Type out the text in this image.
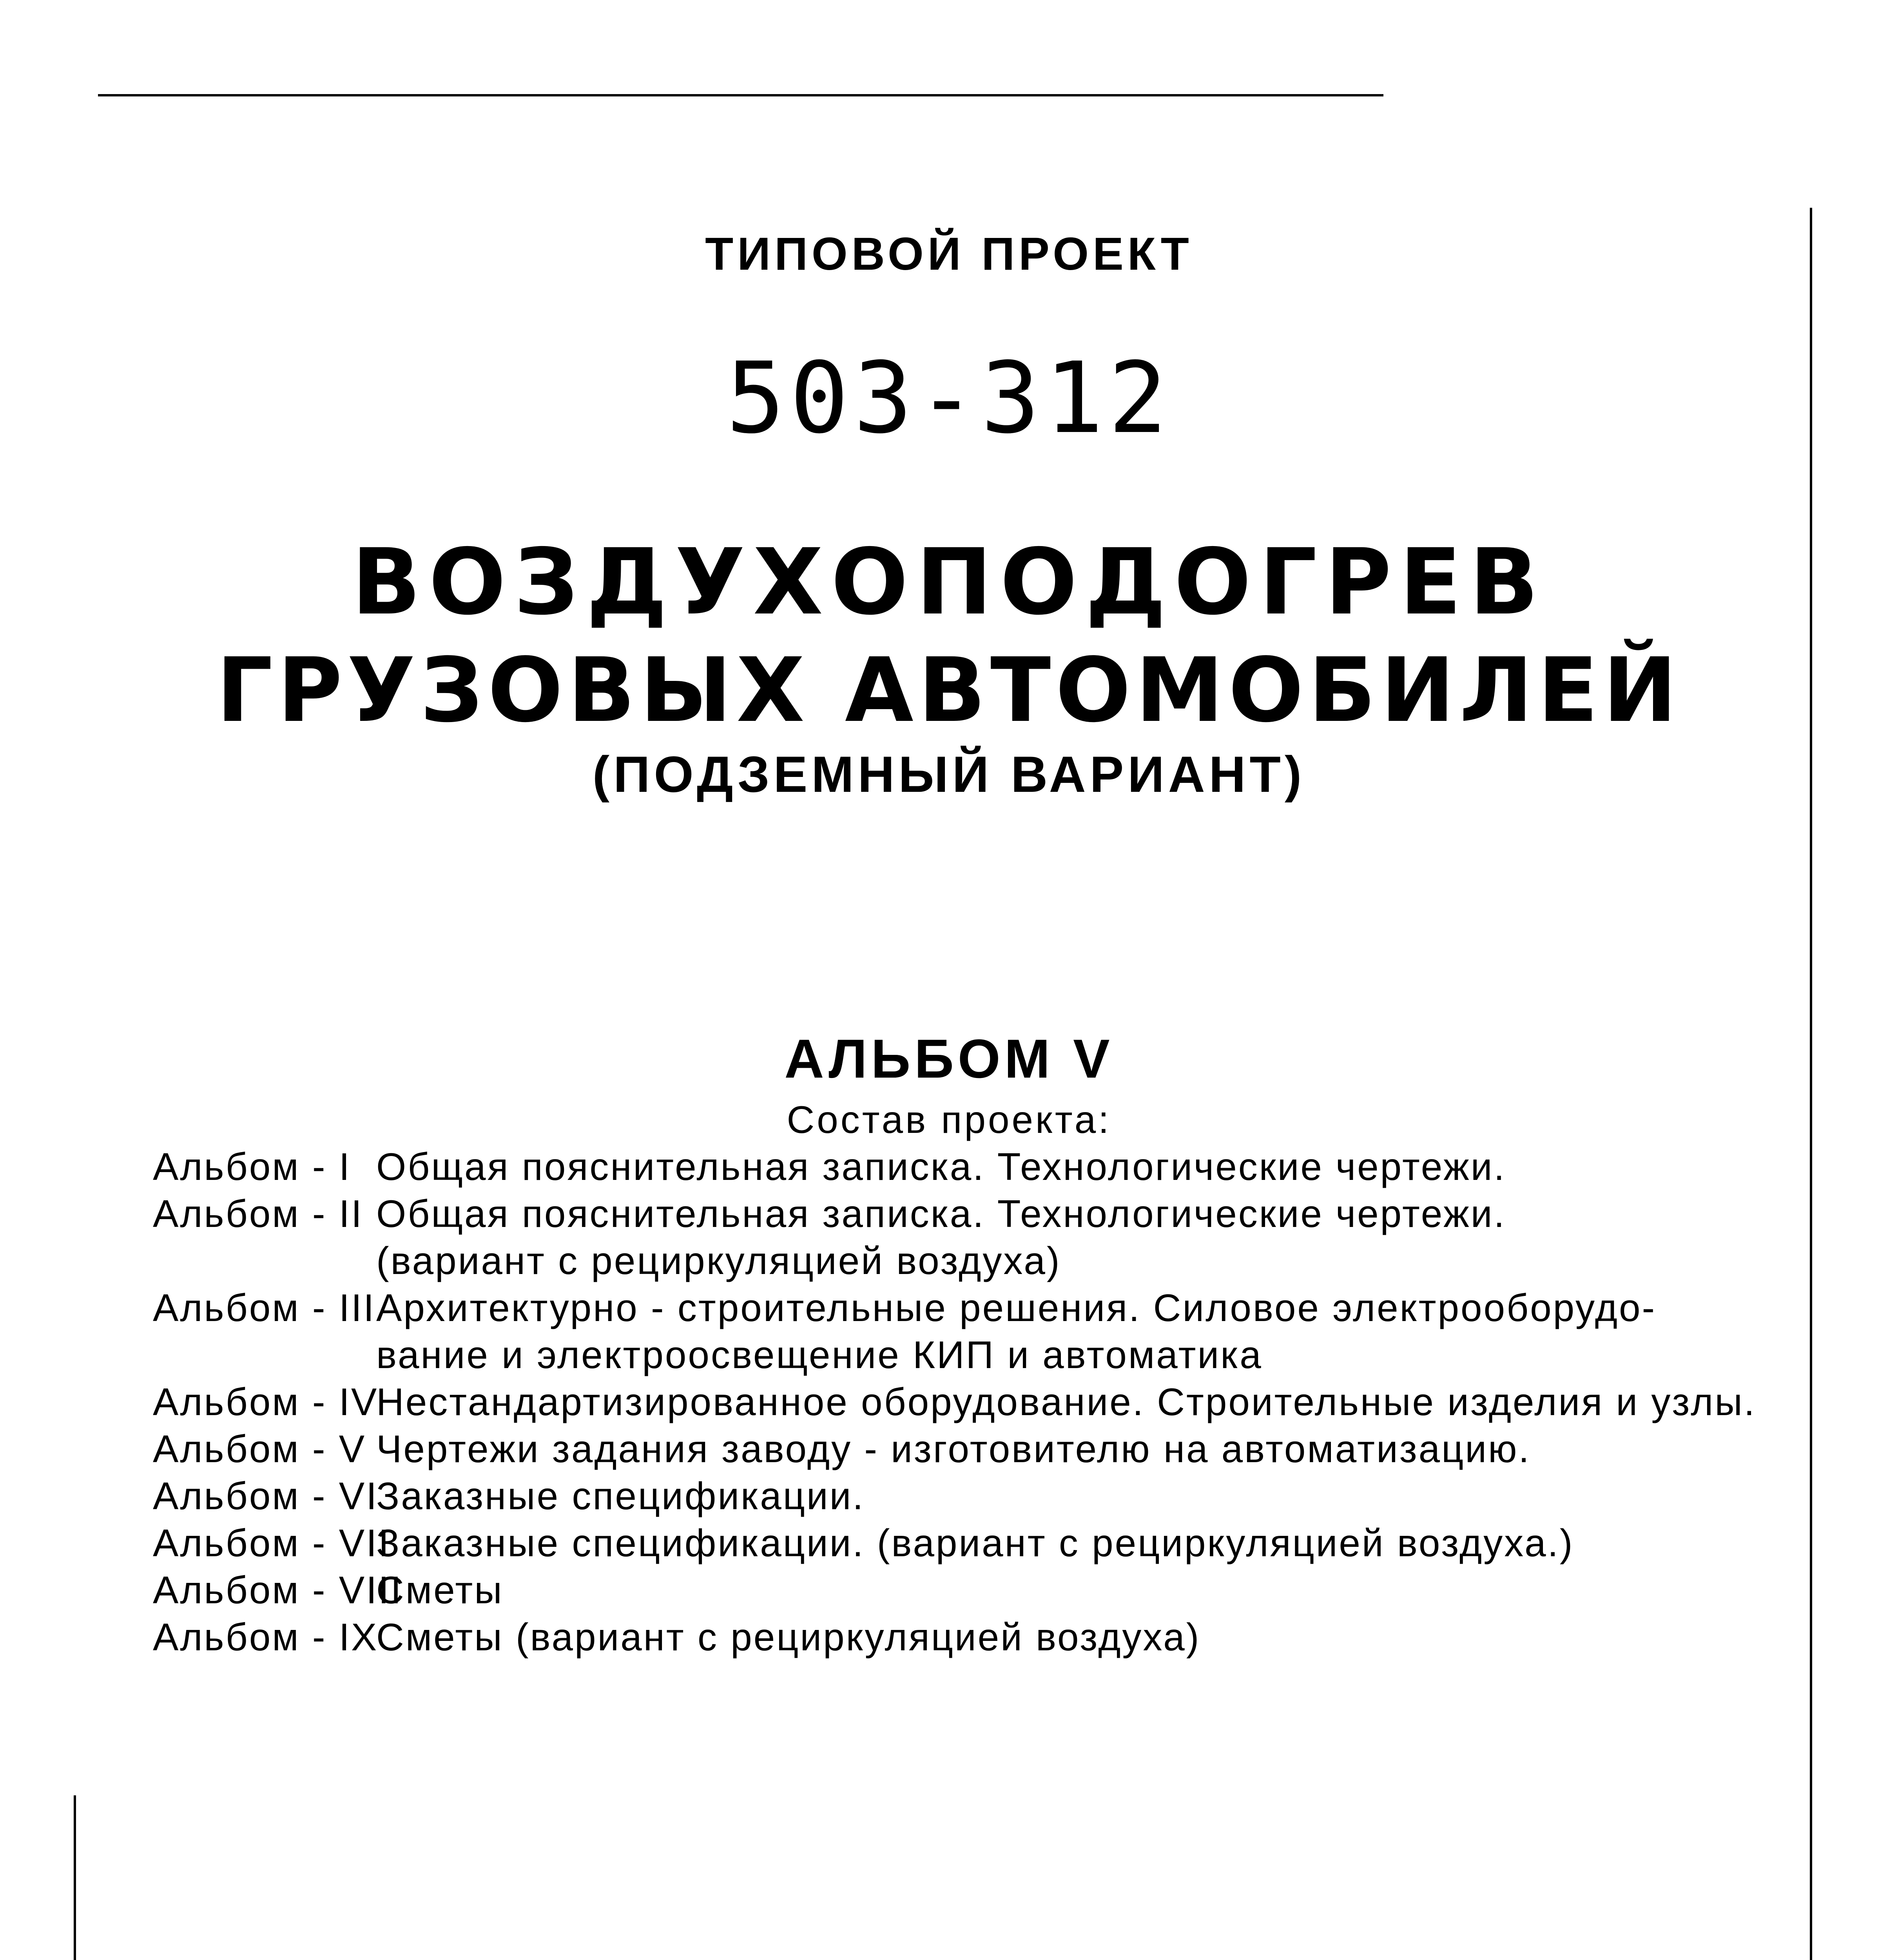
ТИПОВОЙ ПРОЕКТ
503-312
ВОЗДУХОПОДОГРЕВ
ГРУЗОВЫХ АВТОМОБИЛЕЙ
(ПОДЗЕМНЫЙ ВАРИАНТ)
АЛЬБОМ V
Состав проекта:
Альбом - I Общая пояснительная записка. Технологические чертежи.
Альбом - II Общая пояснительная записка. Технологические чертежи.
(вариант с рециркуляцией воздуха)
Альбом - III Архитектурно - строительные решения. Силовое электрооборудо-
вание и электроосвещение КИП и автоматика
Альбом - IV
Нестандартизированное оборудование. Строительные изделия и узлы.
Альбом - V Чертежи задания заводу - изготовителю на автоматизацию.
Альбом - VI
Заказные спецификации.
Альбом - VII
Заказные спецификации. (вариант с рециркуляцией воздуха.)
Альбом - VIII
Сметы
Альбом - IX
Сметы (вариант с рециркуляцией воздуха)
